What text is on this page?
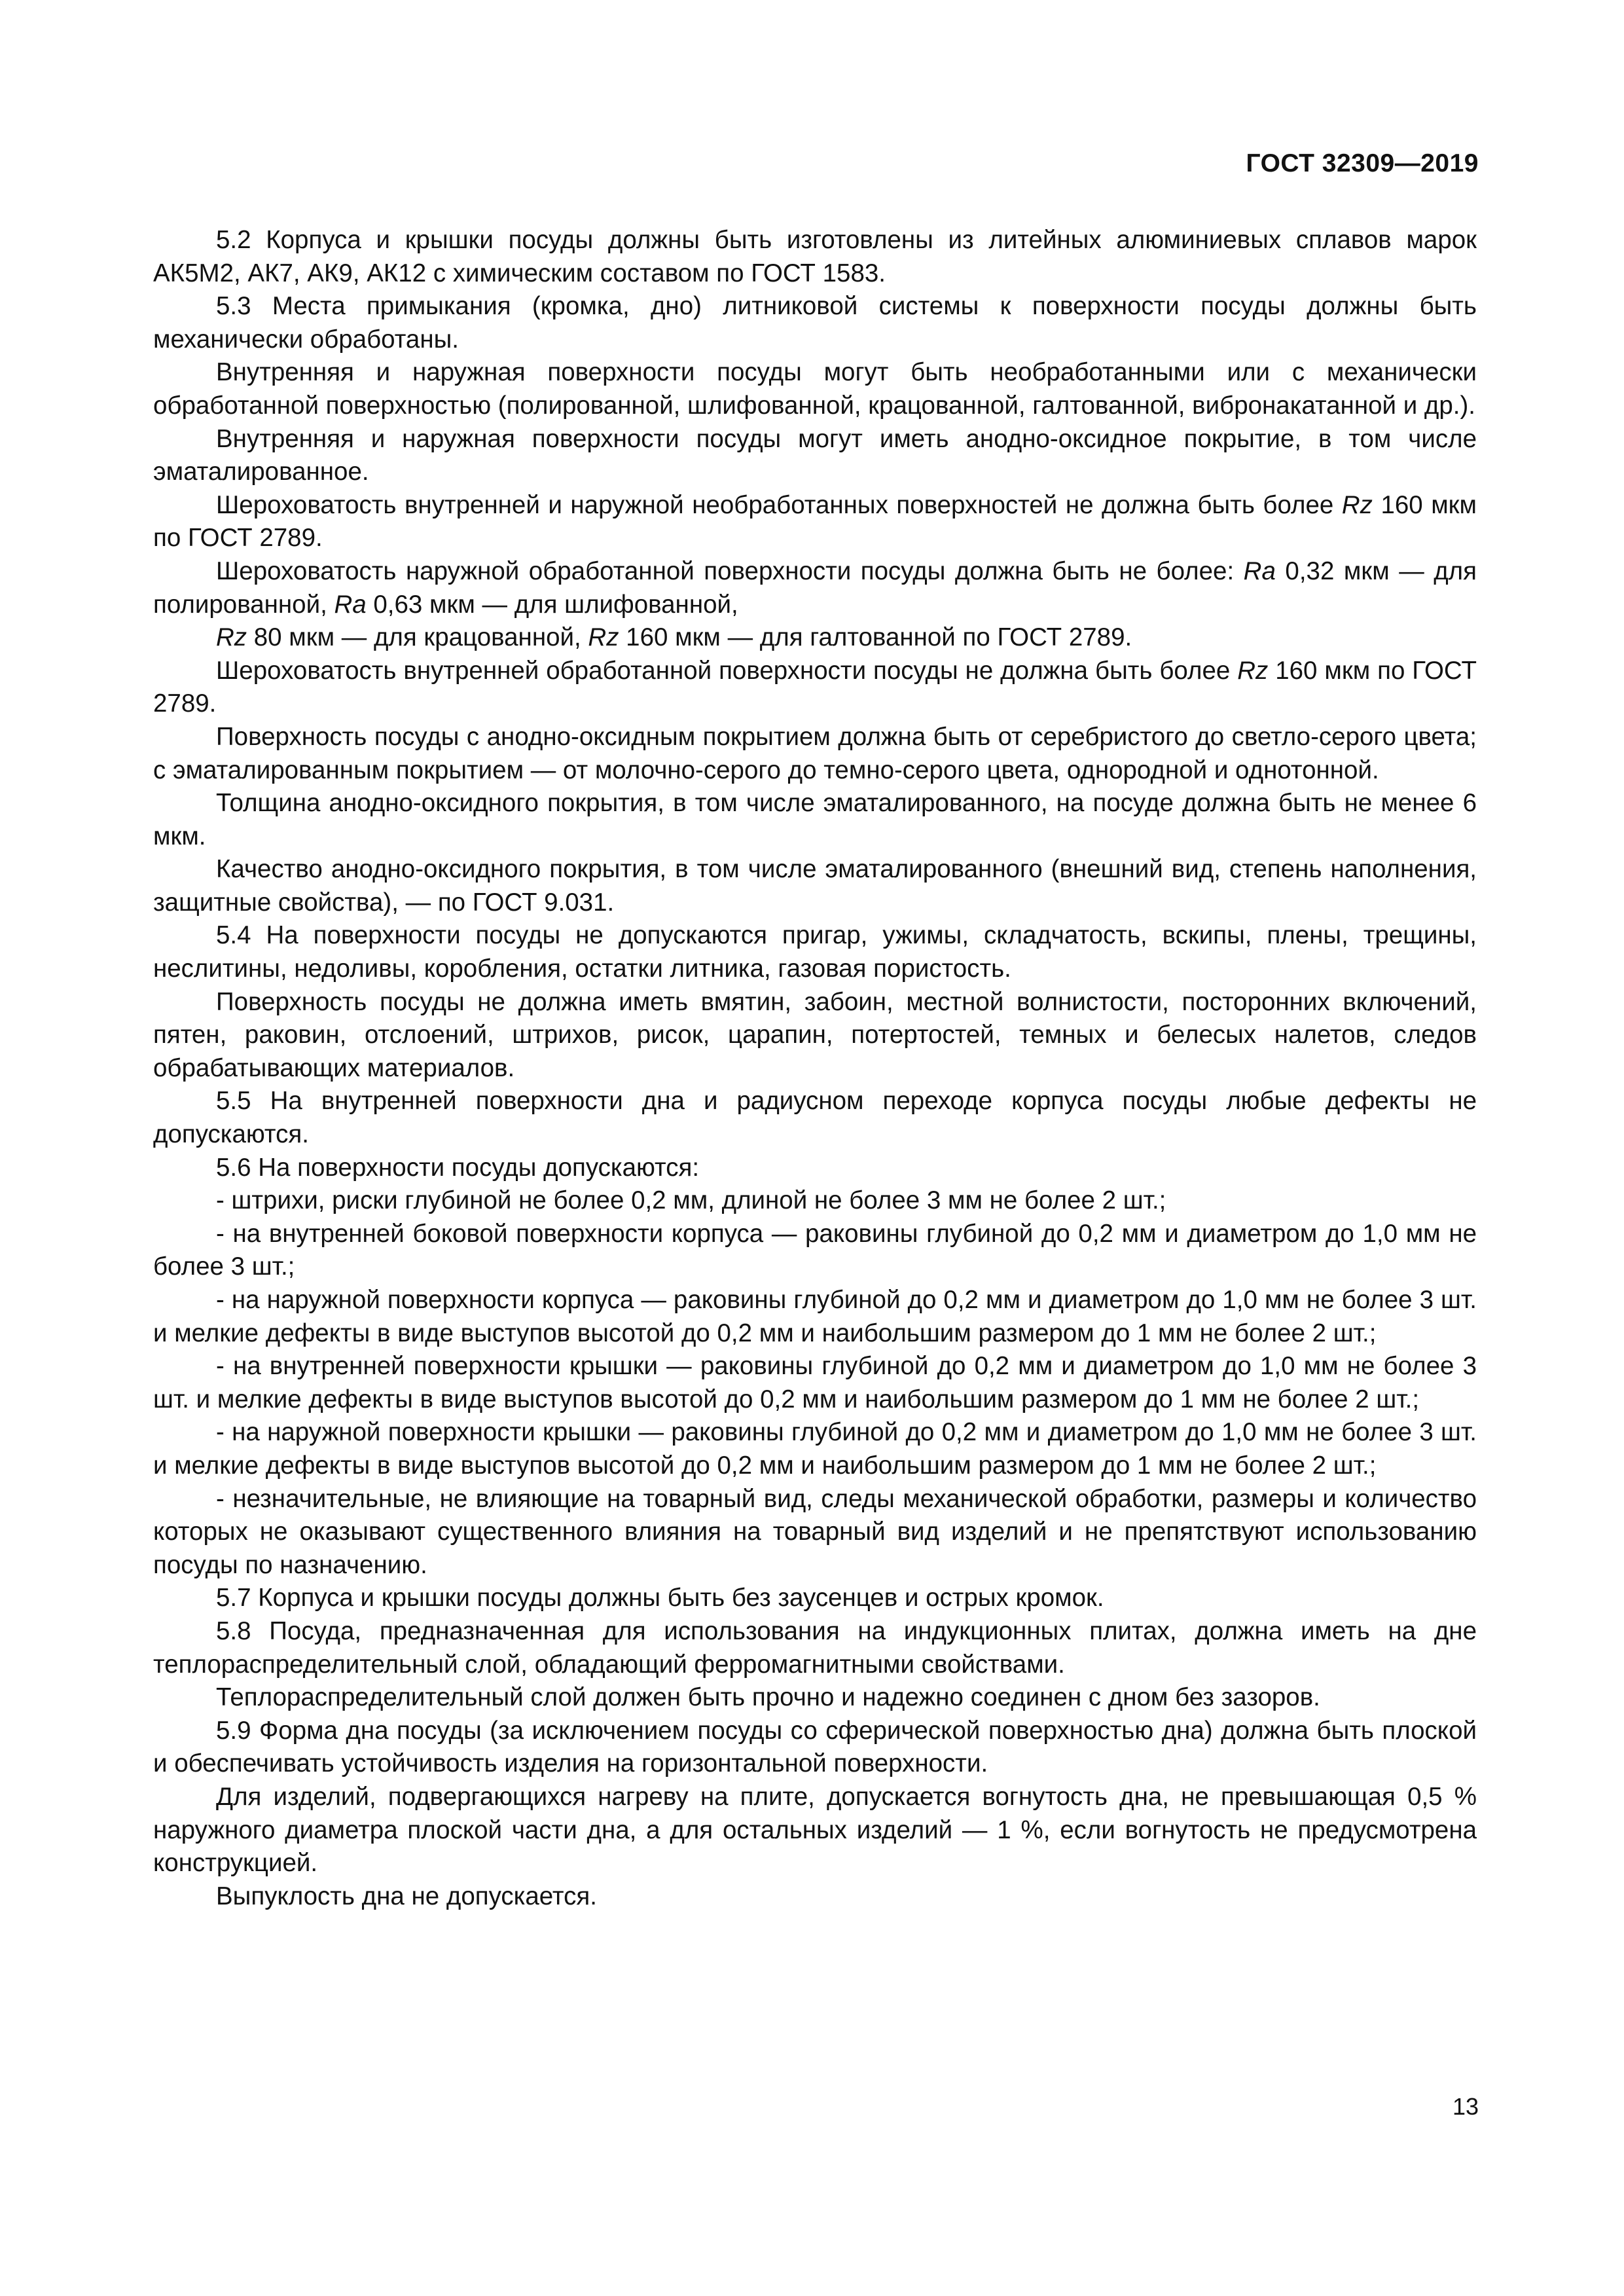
ГОСТ 32309—2019

5.2 Корпуса и крышки посуды должны быть изготовлены из литейных алюминиевых сплавов марок АК5М2, АК7, АК9, АК12 с химическим составом по ГОСТ 1583.

5.3 Места примыкания (кромка, дно) литниковой системы к поверхности посуды должны быть механически обработаны.

Внутренняя и наружная поверхности посуды могут быть необработанными или с механически обработанной поверхностью (полированной, шлифованной, крацованной, галтованной, вибронакатанной и др.).

Внутренняя и наружная поверхности посуды могут иметь анодно-оксидное покрытие, в том числе эматалированное.

Шероховатость внутренней и наружной необработанных поверхностей не должна быть более Rz 160 мкм по ГОСТ 2789.

Шероховатость наружной обработанной поверхности посуды должна быть не более: Ra 0,32 мкм — для полированной, Ra 0,63 мкм — для шлифованной,

Rz 80 мкм — для крацованной, Rz 160 мкм — для галтованной по ГОСТ 2789.

Шероховатость внутренней обработанной поверхности посуды не должна быть более Rz 160 мкм по ГОСТ 2789.

Поверхность посуды с анодно-оксидным покрытием должна быть от серебристого до светло-серого цвета; с эматалированным покрытием — от молочно-серого до темно-серого цвета, однородной и однотонной.

Толщина анодно-оксидного покрытия, в том числе эматалированного, на посуде должна быть не менее 6 мкм.

Качество анодно-оксидного покрытия, в том числе эматалированного (внешний вид, степень наполнения, защитные свойства), — по ГОСТ 9.031.

5.4 На поверхности посуды не допускаются пригар, ужимы, складчатость, вскипы, плены, трещины, неслитины, недоливы, коробления, остатки литника, газовая пористость.

Поверхность посуды не должна иметь вмятин, забоин, местной волнистости, посторонних включений, пятен, раковин, отслоений, штрихов, рисок, царапин, потертостей, темных и белесых налетов, следов обрабатывающих материалов.

5.5 На внутренней поверхности дна и радиусном переходе корпуса посуды любые дефекты не допускаются.

5.6 На поверхности посуды допускаются:

- штрихи, риски глубиной не более 0,2 мм, длиной не более 3 мм не более 2 шт.;

- на внутренней боковой поверхности корпуса — раковины глубиной до 0,2 мм и диаметром до 1,0 мм не более 3 шт.;

- на наружной поверхности корпуса — раковины глубиной до 0,2 мм и диаметром до 1,0 мм не более 3 шт. и мелкие дефекты в виде выступов высотой до 0,2 мм и наибольшим размером до 1 мм не более 2 шт.;

- на внутренней поверхности крышки — раковины глубиной до 0,2 мм и диаметром до 1,0 мм не более 3 шт. и мелкие дефекты в виде выступов высотой до 0,2 мм и наибольшим размером до 1 мм не более 2 шт.;

- на наружной поверхности крышки — раковины глубиной до 0,2 мм и диаметром до 1,0 мм не более 3 шт. и мелкие дефекты в виде выступов высотой до 0,2 мм и наибольшим размером до 1 мм не более 2 шт.;

- незначительные, не влияющие на товарный вид, следы механической обработки, размеры и количество которых не оказывают существенного влияния на товарный вид изделий и не препятствуют использованию посуды по назначению.

5.7 Корпуса и крышки посуды должны быть без заусенцев и острых кромок.

5.8 Посуда, предназначенная для использования на индукционных плитах, должна иметь на дне теплораспределительный слой, обладающий ферромагнитными свойствами.

Теплораспределительный слой должен быть прочно и надежно соединен с дном без зазоров.

5.9 Форма дна посуды (за исключением посуды со сферической поверхностью дна) должна быть плоской и обеспечивать устойчивость изделия на горизонтальной поверхности.

Для изделий, подвергающихся нагреву на плите, допускается вогнутость дна, не превышающая 0,5 % наружного диаметра плоской части дна, а для остальных изделий — 1 %, если вогнутость не предусмотрена конструкцией.

Выпуклость дна не допускается.

13
